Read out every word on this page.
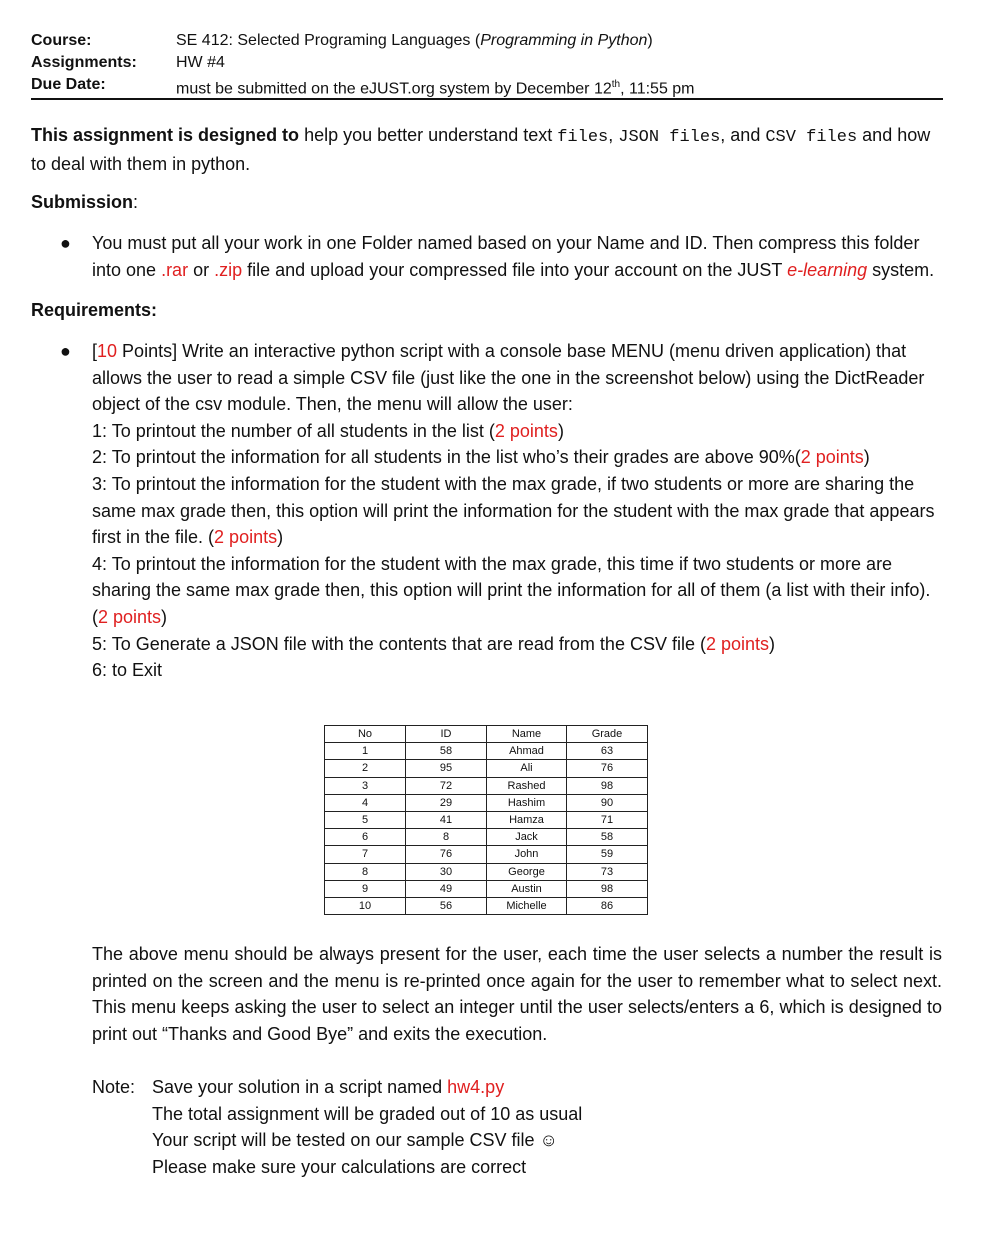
Course:	SE 412: Selected Programing Languages (Programming in Python)
Assignments:	HW #4
Due Date:	must be submitted on the eJUST.org system by December 12th, 11:55 pm
This assignment is designed to help you better understand text files, JSON files, and CSV files and how to deal with them in python.
Submission:
● You must put all your work in one Folder named based on your Name and ID. Then compress this folder into one .rar or .zip file and upload your compressed file into your account on the JUST e-learning system.
Requirements:
● [10 Points] Write an interactive python script with a console base MENU (menu driven application) that allows the user to read a simple CSV file (just like the one in the screenshot below) using the DictReader object of the csv module. Then, the menu will allow the user:
1: To printout the number of all students in the list (2 points)
2: To printout the information for all students in the list who’s their grades are above 90%(2 points)
3: To printout the information for the student with the max grade, if two students or more are sharing the same max grade then, this option will print the information for the student with the max grade that appears first in the file. (2 points)
4: To printout the information for the student with the max grade, this time if two students or more are sharing the same max grade then, this option will print the information for all of them (a list with their info). (2 points)
5: To Generate a JSON file with the contents that are read from the CSV file (2 points)
6: to Exit
No	ID	Name	Grade
1	58	Ahmad	63
2	95	Ali	76
3	72	Rashed	98
4	29	Hashim	90
5	41	Hamza	71
6	8	Jack	58
7	76	John	59
8	30	George	73
9	49	Austin	98
10	56	Michelle	86
The above menu should be always present for the user, each time the user selects a number the result is printed on the screen and the menu is re-printed once again for the user to remember what to select next. This menu keeps asking the user to select an integer until the user selects/enters a 6, which is designed to print out “Thanks and Good Bye” and exits the execution.
Note: Save your solution in a script named hw4.py
The total assignment will be graded out of 10 as usual
Your script will be tested on our sample CSV file ☺
Please make sure your calculations are correct
